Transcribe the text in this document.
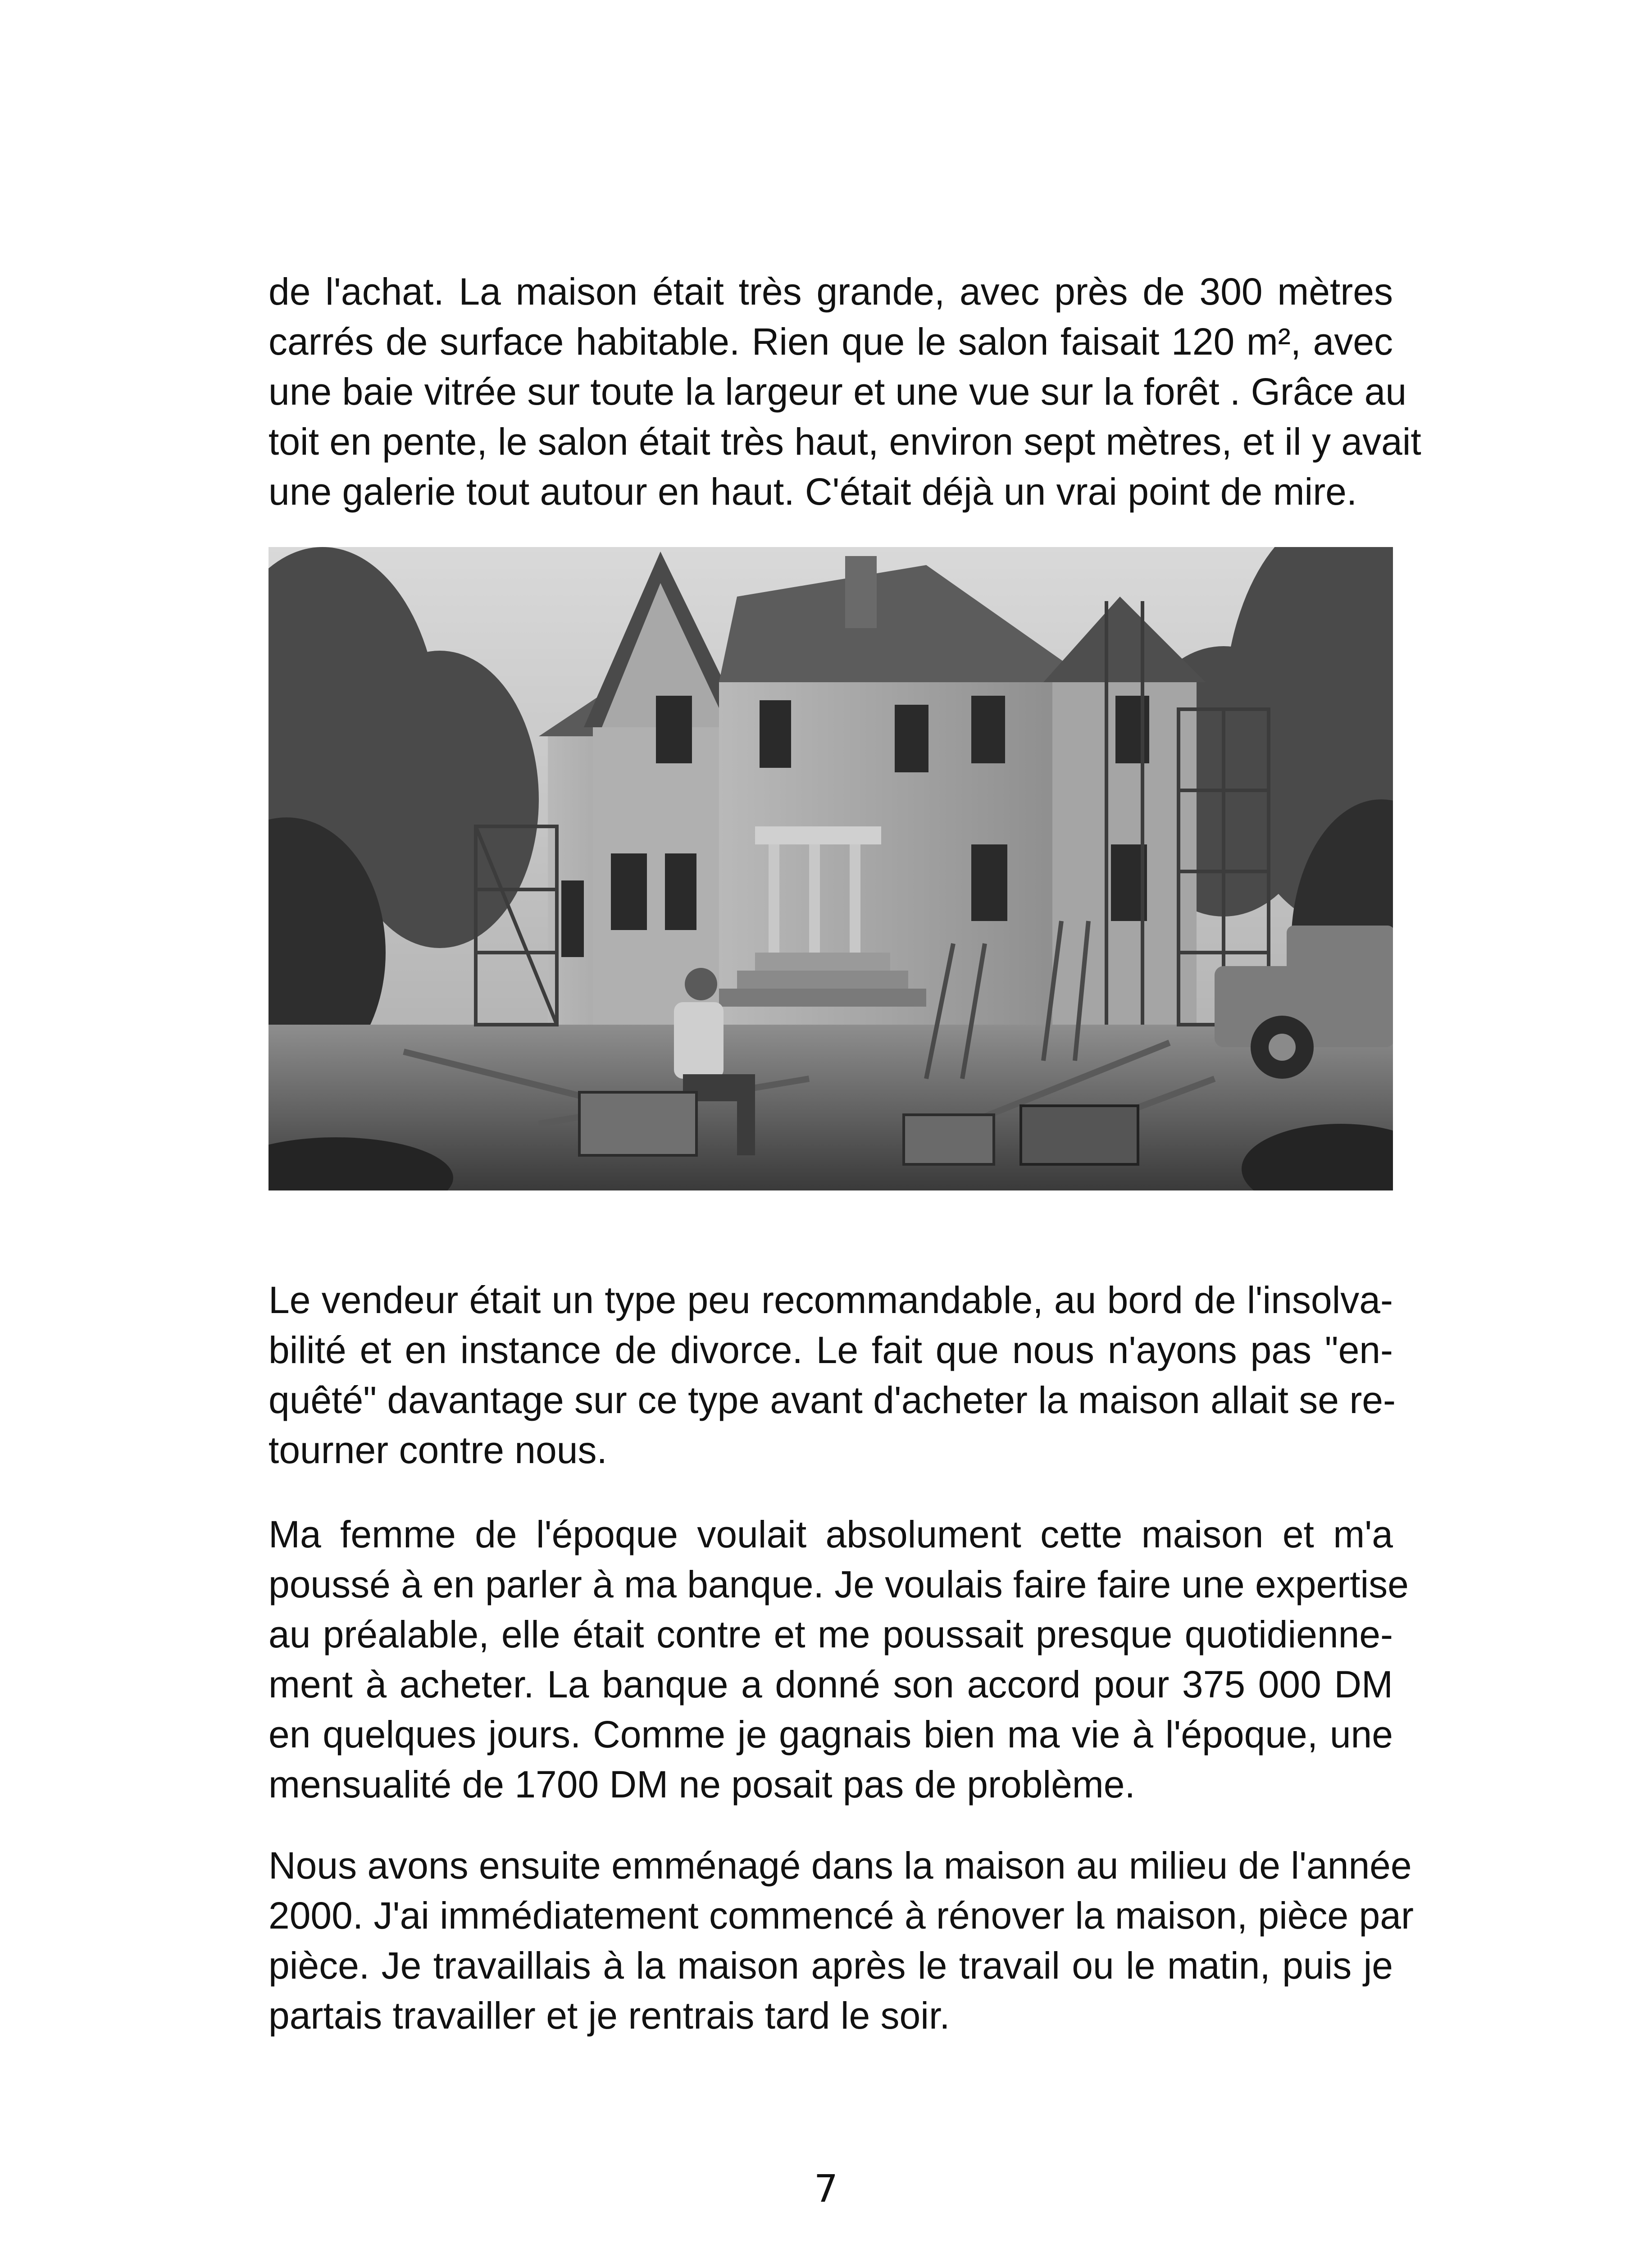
de l'achat. La maison était très grande, avec près de 300 mètres
carrés de surface habitable. Rien que le salon faisait 120 m², avec
une baie vitrée sur toute la largeur et une vue sur la forêt . Grâce au
toit en pente, le salon était très haut, environ sept mètres, et il y avait
une galerie tout autour en haut. C'était déjà un vrai point de mire.
Le vendeur était un type peu recommandable, au bord de l'insolva-
bilité et en instance de divorce. Le fait que nous n'ayons pas "en-
quêté" davantage sur ce type avant d'acheter la maison allait se re-
tourner contre nous.
Ma femme de l'époque voulait absolument cette maison et m'a
poussé à en parler à ma banque. Je voulais faire faire une expertise
au préalable, elle était contre et me poussait presque quotidienne-
ment à acheter. La banque a donné son accord pour 375 000 DM
en quelques jours. Comme je gagnais bien ma vie à l'époque, une
mensualité de 1700 DM ne posait pas de problème.
Nous avons ensuite emménagé dans la maison au milieu de l'année
2000. J'ai immédiatement commencé à rénover la maison, pièce par
pièce. Je travaillais à la maison après le travail ou le matin, puis je
partais travailler et je rentrais tard le soir.
7
